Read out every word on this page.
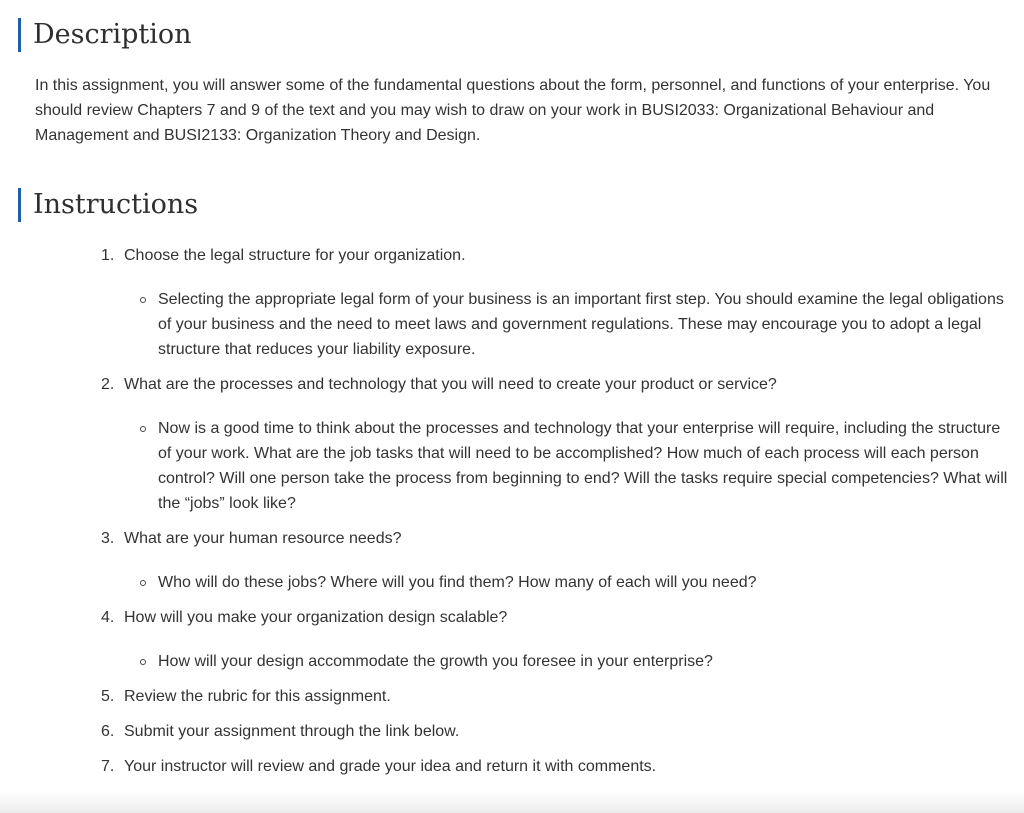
Description

In this assignment, you will answer some of the fundamental questions about the form, personnel, and functions of your enterprise. You should review Chapters 7 and 9 of the text and you may wish to draw on your work in BUSI2033: Organizational Behaviour and Management and BUSI2133: Organization Theory and Design.

Instructions
1. Choose the legal structure for your organization.
Selecting the appropriate legal form of your business is an important first step. You should examine the legal obligations of your business and the need to meet laws and government regulations. These may encourage you to adopt a legal structure that reduces your liability exposure.
2. What are the processes and technology that you will need to create your product or service?
Now is a good time to think about the processes and technology that your enterprise will require, including the structure of your work. What are the job tasks that will need to be accomplished? How much of each process will each person control? Will one person take the process from beginning to end? Will the tasks require special competencies? What will the “jobs” look like?
3. What are your human resource needs?
Who will do these jobs? Where will you find them? How many of each will you need?
4. How will you make your organization design scalable?
How will your design accommodate the growth you foresee in your enterprise?
5. Review the rubric for this assignment.
6. Submit your assignment through the link below.
7. Your instructor will review and grade your idea and return it with comments.
